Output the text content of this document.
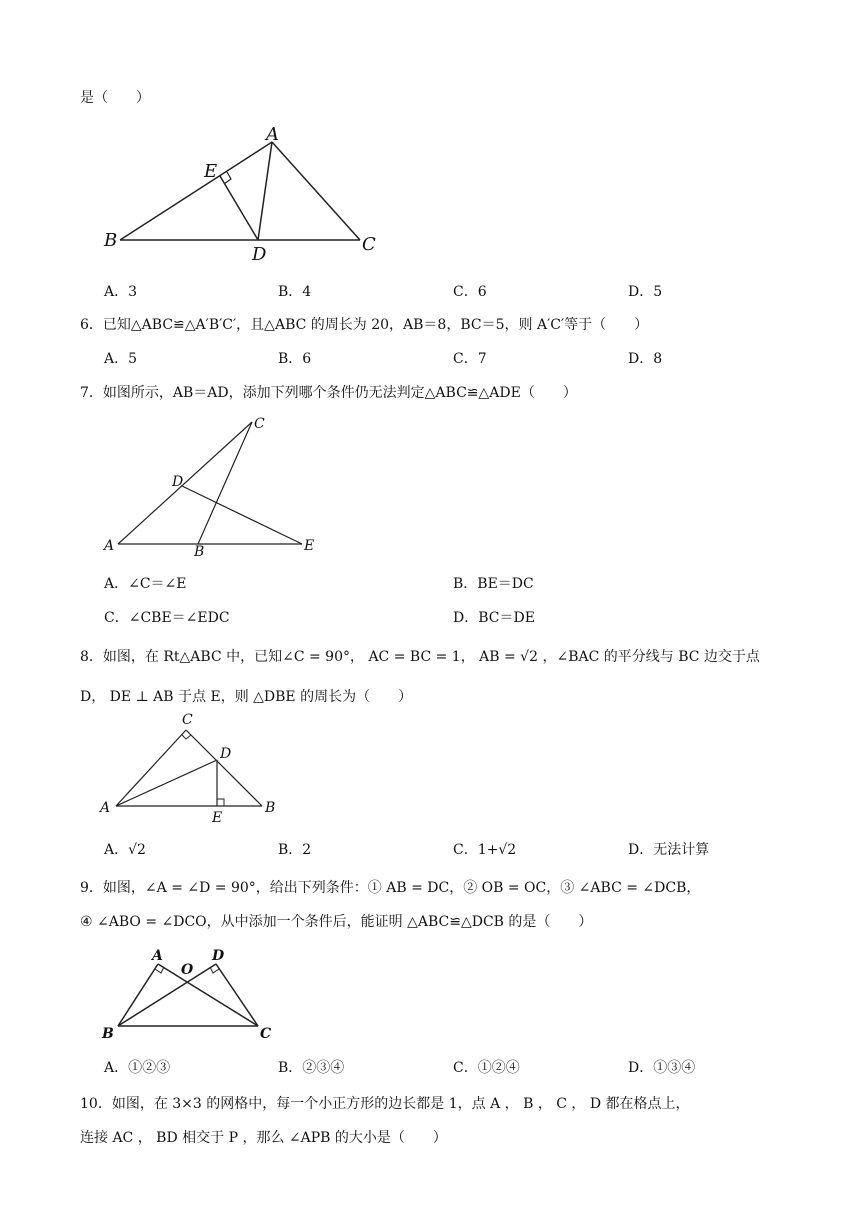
是（　　）
A
E
B
D	C
A．3	B．4	C．6	D．5
6．已知△ABC≌△A′B′C′，且△ABC 的周长为 20，AB＝8，BC＝5，则 A′C′等于（　　）
A．5	B．6	C．7	D．8
7．如图所示，AB＝AD，添加下列哪个条件仍无法判定△ABC≌△ADE（　　）
C
D
A	B	E
A．∠C＝∠E	B．BE＝DC
C．∠CBE＝∠EDC	D．BC＝DE
8．如图，在 Rt△ABC 中，已知∠C = 90°， AC = BC = 1， AB = √2 ，∠BAC 的平分线与 BC 边交于点
D， DE ⊥ AB 于点 E，则 △DBE 的周长为（　　）
C
D
A
E
B
A．√2	B．2	C．1+√2	D．无法计算
9．如图，∠A = ∠D = 90°，给出下列条件：① AB = DC，② OB = OC，③ ∠ABC = ∠DCB，
④ ∠ABO = ∠DCO，从中添加一个条件后，能证明 △ABC≌△DCB 的是（　　）
A	D
O
B	C
A．①②③	B．②③④	C．①②④	D．①③④
10．如图，在 3×3 的网格中，每一个小正方形的边长都是 1，点 A ， B ， C ， D 都在格点上，
连接 AC ， BD 相交于 P ，那么 ∠APB 的大小是（　　）
